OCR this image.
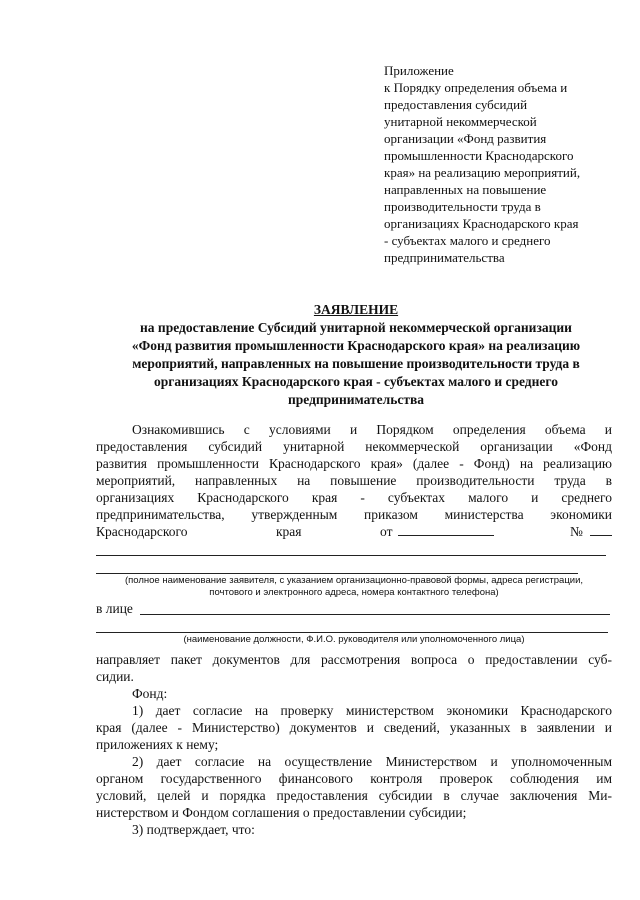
Приложение
к Порядку определения объема и
предоставления субсидий
унитарной некоммерческой
организации «Фонд развития
промышленности Краснодарского
края» на реализацию мероприятий,
направленных на повышение
производительности труда в
организациях Краснодарского края
- субъектах малого и среднего
предпринимательства
ЗАЯВЛЕНИЕ
на предоставление Субсидий унитарной некоммерческой организации
«Фонд развития промышленности Краснодарского края» на реализацию
мероприятий, направленных на повышение производительности труда в
организациях Краснодарского края - субъектах малого и среднего
предпринимательства
Ознакомившись с условиями и Порядком определения объема и
предоставления субсидий унитарной некоммерческой организации «Фонд
развития промышленности Краснодарского края» (далее - Фонд) на реализацию
мероприятий, направленных на повышение производительности труда в
организациях Краснодарского края - субъектах малого и среднего
предпринимательства, утвержденным приказом министерства экономики
Краснодарского	края	от	№
(полное наименование заявителя, с указанием организационно-правовой формы, адреса регистрации,
почтового и электронного адреса, номера контактного телефона)
в лице
(наименование должности, Ф.И.О. руководителя или уполномоченного лица)
направляет пакет документов для рассмотрения вопроса о предоставлении суб-
сидии.
Фонд:
1) дает согласие на проверку министерством экономики Краснодарского
края (далее - Министерство) документов и сведений, указанных в заявлении и
приложениях к нему;
2) дает согласие на осуществление Министерством и уполномоченным
органом государственного финансового контроля проверок соблюдения им
условий, целей и порядка предоставления субсидии в случае заключения Ми-
нистерством и Фондом соглашения о предоставлении субсидии;
3) подтверждает, что:
